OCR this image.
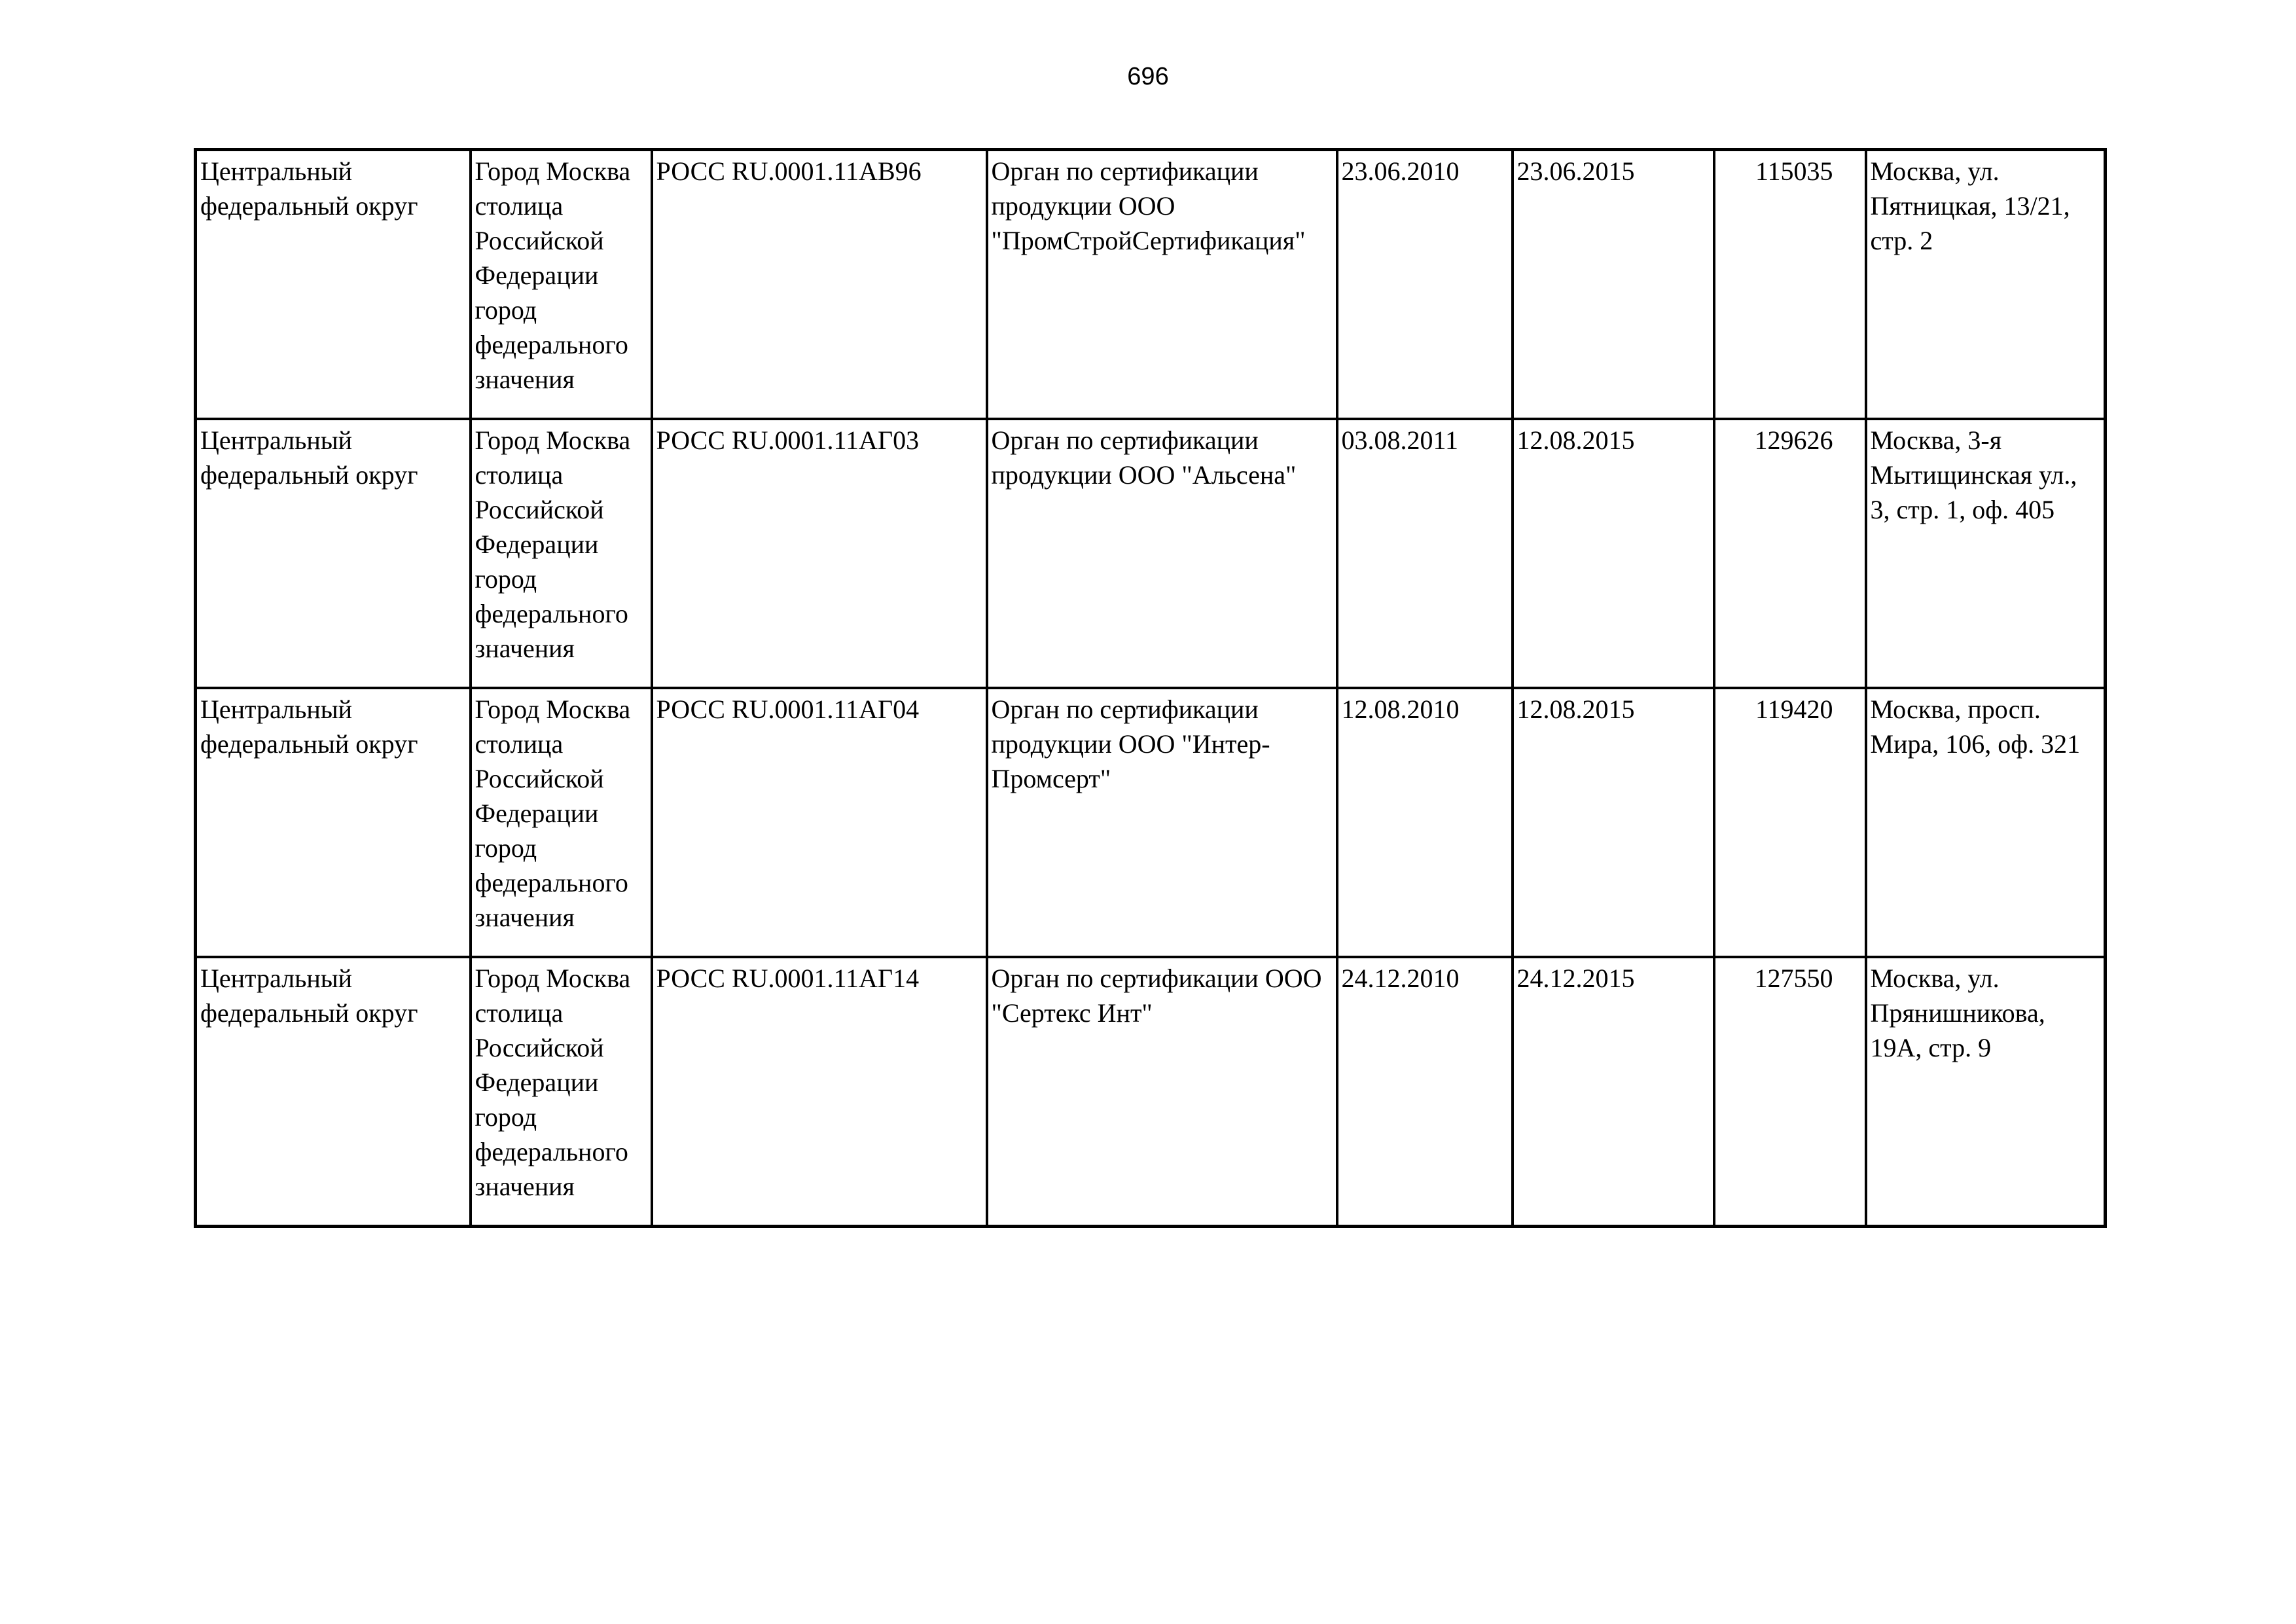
696
Центральный федеральный округ	Город Москва столица Российской Федерации город федерального значения	РОСС RU.0001.11АВ96	Орган по сертификации продукции ООО "ПромСтройСертификация"	23.06.2010	23.06.2015	115035	Москва, ул. Пятницкая, 13/21, стр. 2

Центральный федеральный округ	Город Москва столица Российской Федерации город федерального значения	РОСС RU.0001.11АГ03	Орган по сертификации продукции ООО "Альсена"	03.08.2011	12.08.2015	129626	Москва, 3-я Мытищинская ул., 3, стр. 1, оф. 405

Центральный федеральный округ	Город Москва столица Российской Федерации город федерального значения	РОСС RU.0001.11АГ04	Орган по сертификации продукции ООО "Интер-Промсерт"	12.08.2010	12.08.2015	119420	Москва, просп. Мира, 106, оф. 321

Центральный федеральный округ	Город Москва столица Российской Федерации город федерального значения	РОСС RU.0001.11АГ14	Орган по сертификации ООО "Сертекс Инт"	24.12.2010	24.12.2015	127550	Москва, ул. Прянишникова, 19А, стр. 9
